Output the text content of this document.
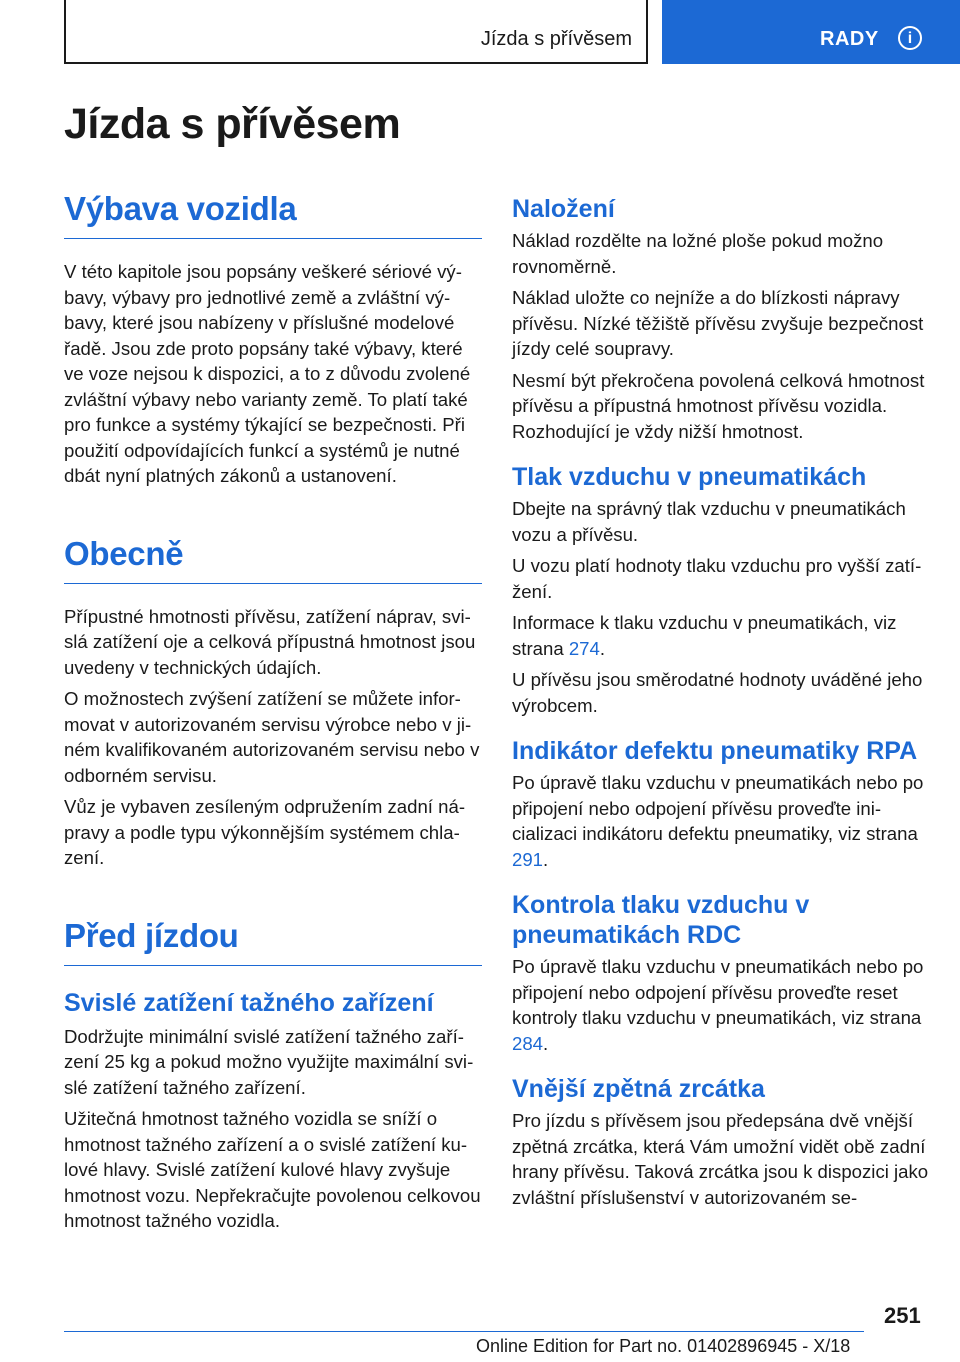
Jízda s přívěsem	RADY	i
Jízda s přívěsem
Výbava vozidla

V této kapitole jsou popsány veškeré sériové výbavy, výbavy pro jednotlivé země a zvláštní výbavy, které jsou nabízeny v příslušné modelové řadě. Jsou zde proto popsány také výbavy, které ve voze nejsou k dispozici, a to z důvodu zvolené zvláštní výbavy nebo varianty země. To platí také pro funkce a systémy týkající se bezpečnosti. Při použití odpovídajících funkcí a systémů je nutné dbát nyní platných zákonů a ustanovení.

Obecně

Přípustné hmotnosti přívěsu, zatížení náprav, svislá zatížení oje a celková přípustná hmotnost jsou uvedeny v technických údajích.

O možnostech zvýšení zatížení se můžete informovat v autorizovaném servisu výrobce nebo v jiném kvalifikovaném autorizovaném servisu nebo v odborném servisu.

Vůz je vybaven zesíleným odpružením zadní nápravy a podle typu výkonnějším systémem chlazení.

Před jízdou
Svislé zatížení tažného zařízení

Dodržujte minimální svislé zatížení tažného zařízení 25 kg a pokud možno využijte maximální svislé zatížení tažného zařízení.

Užitečná hmotnost tažného vozidla se sníží o hmotnost tažného zařízení a o svislé zatížení kulové hlavy. Svislé zatížení kulové hlavy zvyšuje hmotnost vozu. Nepřekračujte povolenou celkovou hmotnost tažného vozidla.

Naložení

Náklad rozdělte na ložné ploše pokud možno rovnoměrně.

Náklad uložte co nejníže a do blízkosti nápravy přívěsu. Nízké těžiště přívěsu zvyšuje bezpečnost jízdy celé soupravy.

Nesmí být překročena povolená celková hmotnost přívěsu a přípustná hmotnost přívěsu vozidla. Rozhodující je vždy nižší hmotnost.

Tlak vzduchu v pneumatikách

Dbejte na správný tlak vzduchu v pneumatikách vozu a přívěsu.

U vozu platí hodnoty tlaku vzduchu pro vyšší zatížení.

Informace k tlaku vzduchu v pneumatikách, viz strana 274.

U přívěsu jsou směrodatné hodnoty uváděné jeho výrobcem.

Indikátor defektu pneumatiky RPA

Po úpravě tlaku vzduchu v pneumatikách nebo po připojení nebo odpojení přívěsu proveďte inicializaci indikátoru defektu pneumatiky, viz strana 291.

Kontrola tlaku vzduchu v pneumatikách RDC

Po úpravě tlaku vzduchu v pneumatikách nebo po připojení nebo odpojení přívěsu proveďte reset kontroly tlaku vzduchu v pneumatikách, viz strana 284.

Vnější zpětná zrcátka

Pro jízdu s přívěsem jsou předepsána dvě vnější zpětná zrcátka, která Vám umožní vidět obě zadní hrany přívěsu. Taková zrcátka jsou k dispozici jako zvláštní příslušenství v autorizovaném se-

251
Online Edition for Part no. 01402896945 - X/18
